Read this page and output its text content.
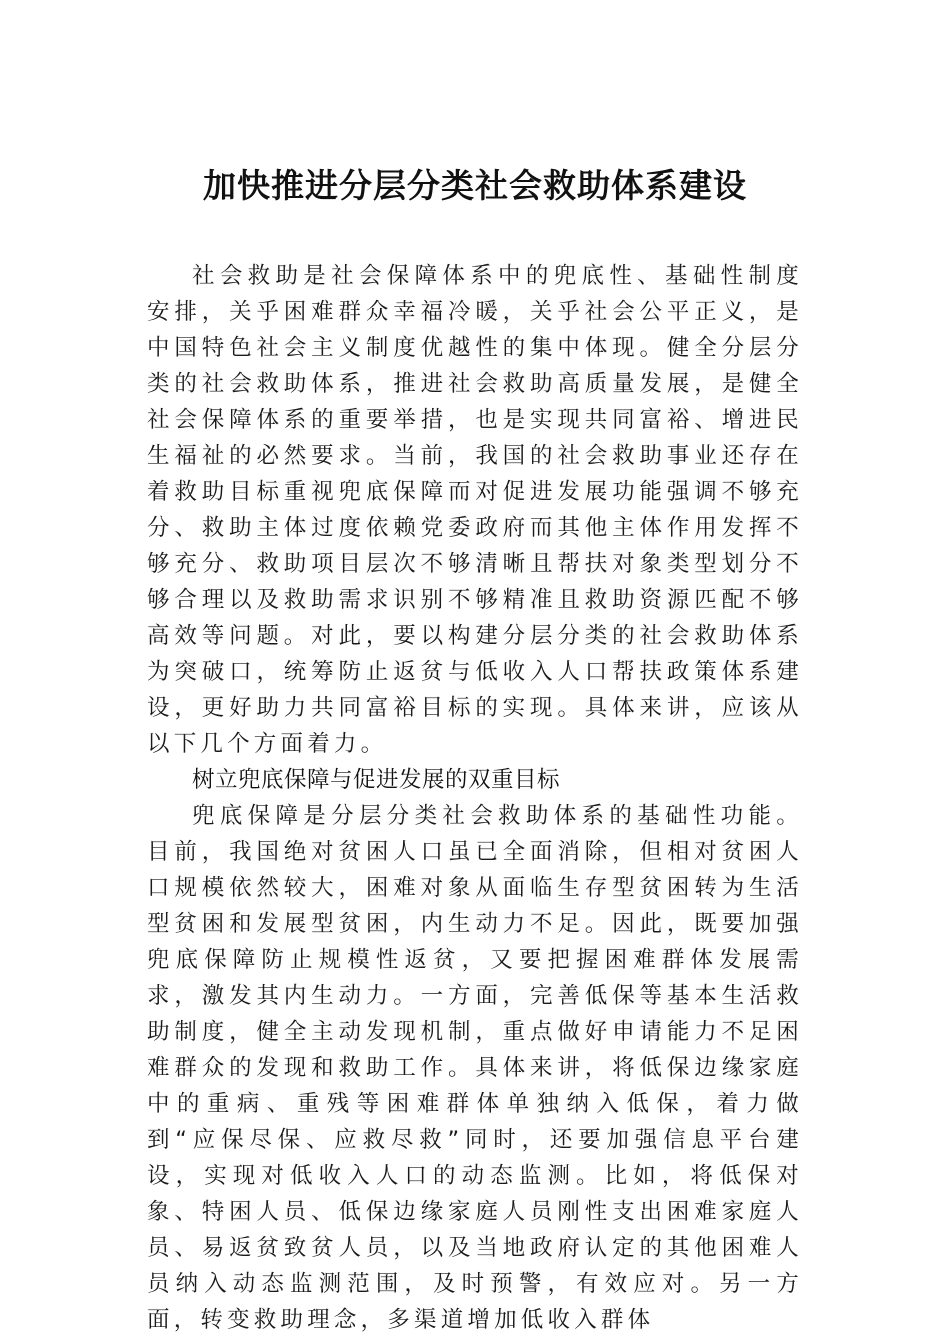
加快推进分层分类社会救助体系建设

社会救助是社会保障体系中的兜底性、基础性制度安排，关乎困难群众幸福冷暖，关乎社会公平正义，是中国特色社会主义制度优越性的集中体现。健全分层分类的社会救助体系，推进社会救助高质量发展，是健全社会保障体系的重要举措，也是实现共同富裕、增进民生福祉的必然要求。当前，我国的社会救助事业还存在着救助目标重视兜底保障而对促进发展功能强调不够充分、救助主体过度依赖党委政府而其他主体作用发挥不够充分、救助项目层次不够清晰且帮扶对象类型划分不够合理以及救助需求识别不够精准且救助资源匹配不够高效等问题。对此，要以构建分层分类的社会救助体系为突破口，统筹防止返贫与低收入人口帮扶政策体系建设，更好助力共同富裕目标的实现。具体来讲，应该从以下几个方面着力。

树立兜底保障与促进发展的双重目标

兜底保障是分层分类社会救助体系的基础性功能。目前，我国绝对贫困人口虽已全面消除，但相对贫困人口规模依然较大，困难对象从面临生存型贫困转为生活型贫困和发展型贫困，内生动力不足。因此，既要加强兜底保障防止规模性返贫，又要把握困难群体发展需求，激发其内生动力。一方面，完善低保等基本生活救助制度，健全主动发现机制，重点做好申请能力不足困难群众的发现和救助工作。具体来讲，将低保边缘家庭中的重病、重残等困难群体单独纳入低保，着力做到“应保尽保、应救尽救”同时，还要加强信息平台建设，实现对低收入人口的动态监测。比如，将低保对象、特困人员、低保边缘家庭人员刚性支出困难家庭人员、易返贫致贫人员，以及当地政府认定的其他困难人员纳入动态监测范围，及时预警，有效应对。另一方面，转变救助理念，多渠道增加低收入群体
